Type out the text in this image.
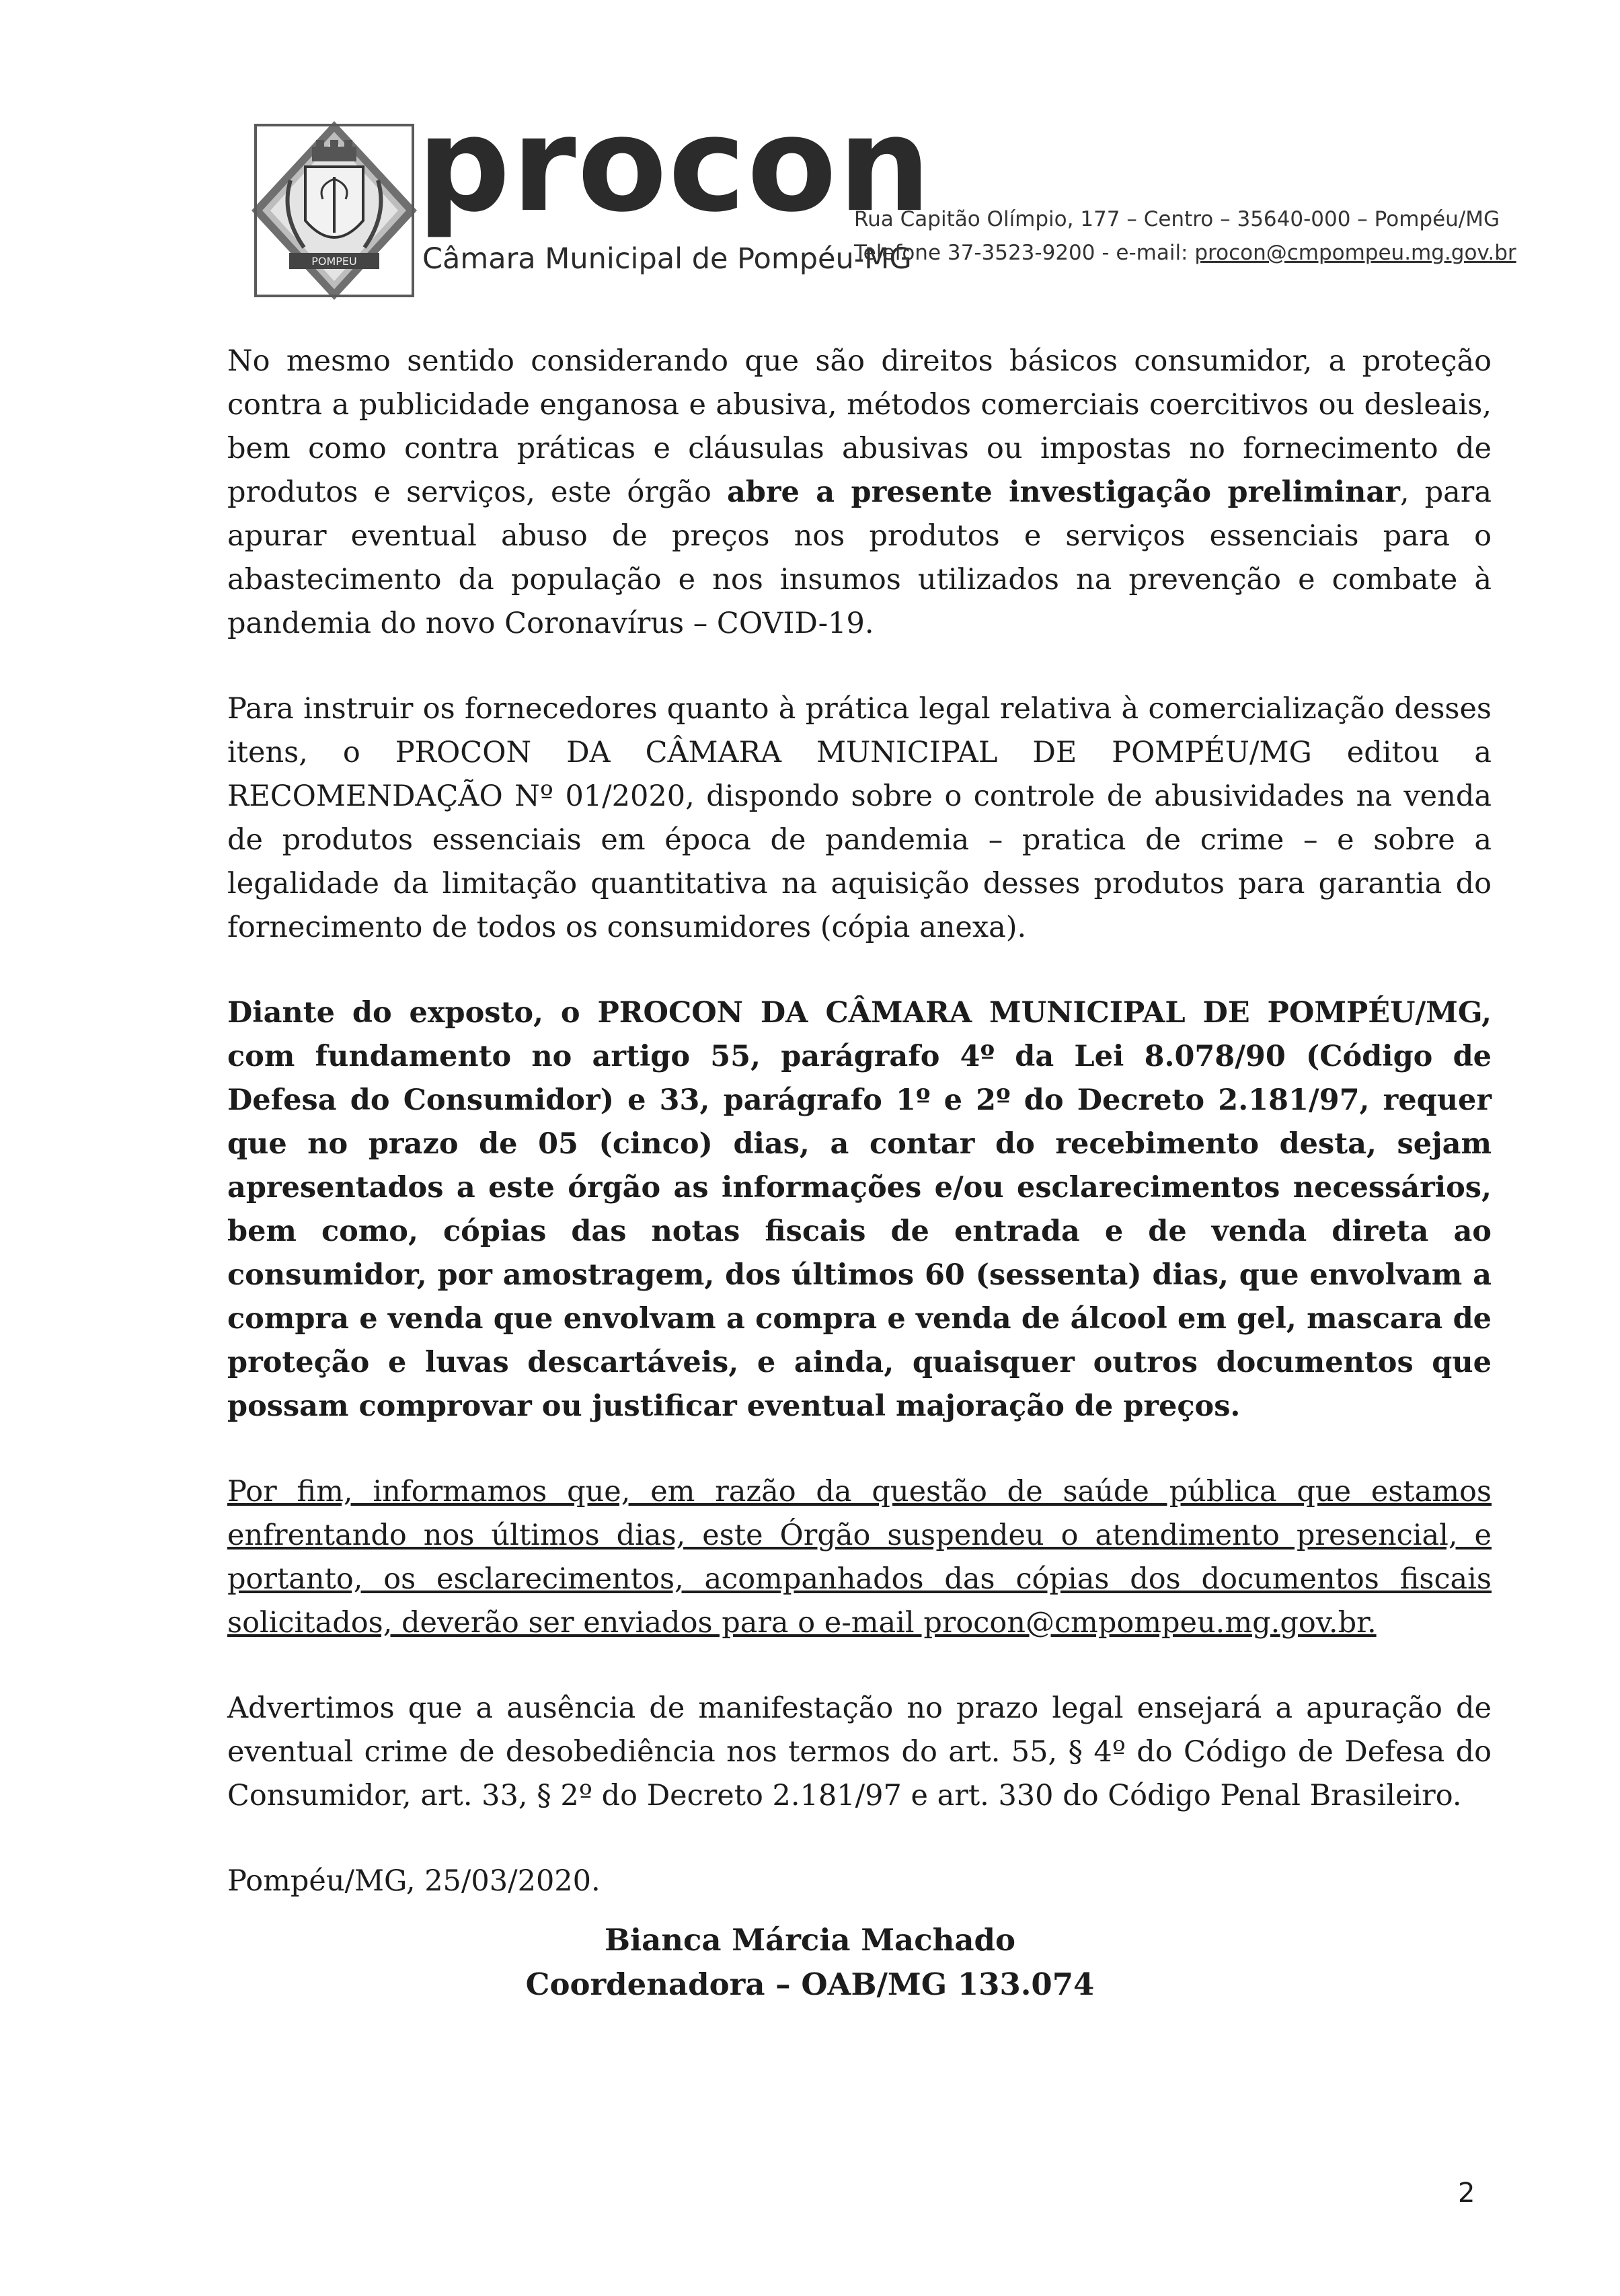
POMPEU
procon
Câmara Municipal de Pompéu-MG
Rua Capitão Olímpio, 177 – Centro – 35640-000 – Pompéu/MG
Telefone 37-3523-9200 - e-mail: procon@cmpompeu.mg.gov.br

No mesmo sentido considerando que são direitos básicos consumidor, a proteção contra a publicidade enganosa e abusiva, métodos comerciais coercitivos ou desleais, bem como contra práticas e cláusulas abusivas ou impostas no fornecimento de produtos e serviços, este órgão abre a presente investigação preliminar, para apurar eventual abuso de preços nos produtos e serviços essenciais para o abastecimento da população e nos insumos utilizados na prevenção e combate à pandemia do novo Coronavírus – COVID-19.

Para instruir os fornecedores quanto à prática legal relativa à comercialização desses itens, o PROCON DA CÂMARA MUNICIPAL DE POMPÉU/MG editou a RECOMENDAÇÃO Nº 01/2020, dispondo sobre o controle de abusividades na venda de produtos essenciais em época de pandemia – pratica de crime – e sobre a legalidade da limitação quantitativa na aquisição desses produtos para garantia do fornecimento de todos os consumidores (cópia anexa).

Diante do exposto, o PROCON DA CÂMARA MUNICIPAL DE POMPÉU/MG, com fundamento no artigo 55, parágrafo 4º da Lei 8.078/90 (Código de Defesa do Consumidor) e 33, parágrafo 1º e 2º do Decreto 2.181/97, requer que no prazo de 05 (cinco) dias, a contar do recebimento desta, sejam apresentados a este órgão as informações e/ou esclarecimentos necessários, bem como, cópias das notas fiscais de entrada e de venda direta ao consumidor, por amostragem, dos últimos 60 (sessenta) dias, que envolvam a compra e venda que envolvam a compra e venda de álcool em gel, mascara de proteção e luvas descartáveis, e ainda, quaisquer outros documentos que possam comprovar ou justificar eventual majoração de preços.

Por fim, informamos que, em razão da questão de saúde pública que estamos enfrentando nos últimos dias, este Órgão suspendeu o atendimento presencial, e portanto, os esclarecimentos, acompanhados das cópias dos documentos fiscais solicitados, deverão ser enviados para o e-mail procon@cmpompeu.mg.gov.br.

Advertimos que a ausência de manifestação no prazo legal ensejará a apuração de eventual crime de desobediência nos termos do art. 55, § 4º do Código de Defesa do Consumidor, art. 33, § 2º do Decreto 2.181/97 e art. 330 do Código Penal Brasileiro.

Pompéu/MG, 25/03/2020.

Bianca Márcia Machado
Coordenadora – OAB/MG 133.074
2
